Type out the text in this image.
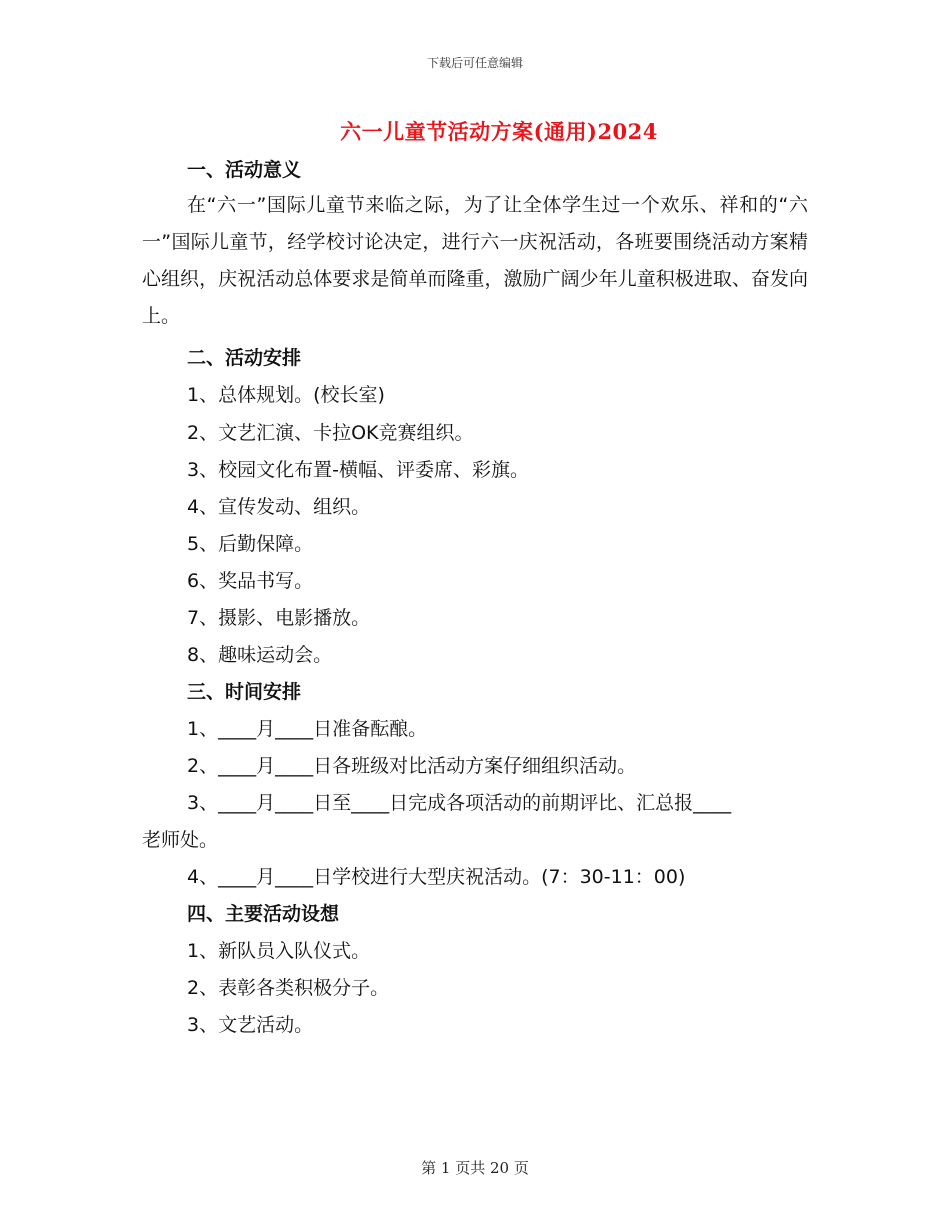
下载后可任意编辑
六一儿童节活动方案(通用)2024
一、活动意义
在“六一”国际儿童节来临之际，为了让全体学生过一个欢乐、祥和的“六一”国际儿童节，经学校讨论决定，进行六一庆祝活动，各班要围绕活动方案精心组织，庆祝活动总体要求是简单而隆重，激励广阔少年儿童积极进取、奋发向上。
二、活动安排
1、总体规划。(校长室)
2、文艺汇演、卡拉OK竞赛组织。
3、校园文化布置-横幅、评委席、彩旗。
4、宣传发动、组织。
5、后勤保障。
6、奖品书写。
7、摄影、电影播放。
8、趣味运动会。
三、时间安排
1、____月____日准备酝酿。
2、____月____日各班级对比活动方案仔细组织活动。
3、____月____日至____日完成各项活动的前期评比、汇总报____
老师处。
4、____月____日学校进行大型庆祝活动。(7：30-11：00)
四、主要活动设想
1、新队员入队仪式。
2、表彰各类积极分子。
3、文艺活动。
第 1 页共 20 页
